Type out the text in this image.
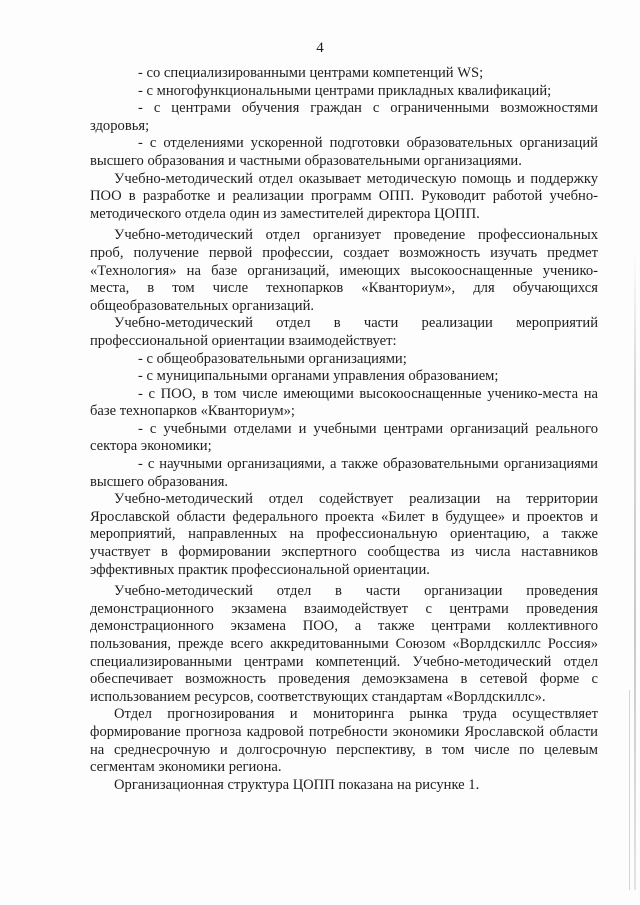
4

- со специализированными центрами компетенций WS;

- с многофункциональными центрами прикладных квалификаций;

- с центрами обучения граждан с ограниченными возможностями здоровья;

- с отделениями ускоренной подготовки образовательных организаций высшего образования и частными образовательными организациями.

Учебно-методический отдел оказывает методическую помощь и поддержку ПОО в разработке и реализации программ ОПП. Руководит работой учебно-методического отдела один из заместителей директора ЦОПП.

Учебно-методический отдел организует проведение профессиональных проб, получение первой профессии, создает возможность изучать предмет «Технология» на базе организаций, имеющих высокооснащенные ученико-места, в том числе технопарков «Кванториум», для обучающихся общеобразовательных организаций.

Учебно-методический отдел в части реализации мероприятий профессиональной ориентации взаимодействует:

- с общеобразовательными организациями;

- с муниципальными органами управления образованием;

- с ПОО, в том числе имеющими высокооснащенные ученико-места на базе технопарков «Кванториум»;

- с учебными отделами и учебными центрами организаций реального сектора экономики;

- с научными организациями, а также образовательными организациями высшего образования.

Учебно-методический отдел содействует реализации на территории Ярославской области федерального проекта «Билет в будущее» и проектов и мероприятий, направленных на профессиональную ориентацию, а также участвует в формировании экспертного сообщества из числа наставников эффективных практик профессиональной ориентации.

Учебно-методический отдел в части организации проведения демонстрационного экзамена взаимодействует с центрами проведения демонстрационного экзамена ПОО, а также центрами коллективного пользования, прежде всего аккредитованными Союзом «Ворлдскиллс Россия» специализированными центрами компетенций. Учебно-методический отдел обеспечивает возможность проведения демоэкзамена в сетевой форме с использованием ресурсов, соответствующих стандартам «Ворлдскиллс».

Отдел прогнозирования и мониторинга рынка труда осуществляет формирование прогноза кадровой потребности экономики Ярославской области на среднесрочную и долгосрочную перспективу, в том числе по целевым сегментам экономики региона.

Организационная структура ЦОПП показана на рисунке 1.
